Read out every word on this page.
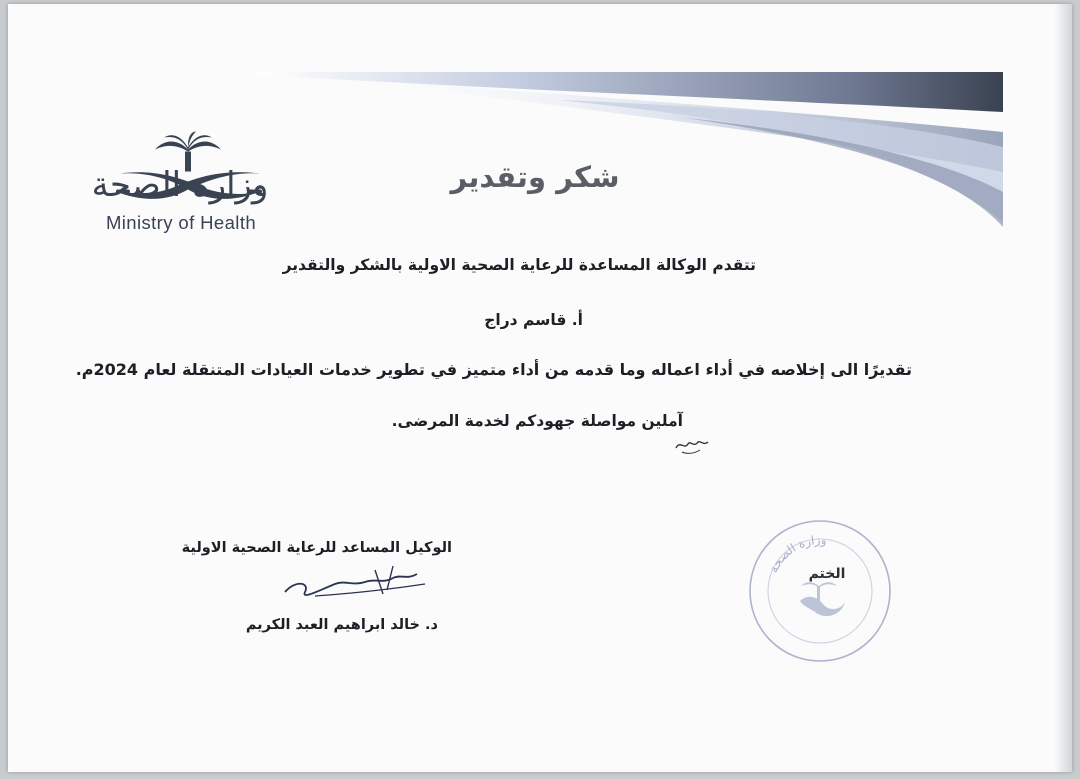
وزارة الصحة
Ministry of Health
شكر وتقدير
تتقدم الوكالة المساعدة للرعاية الصحية الاولية بالشكر والتقدير
أ. قاسم دراج
تقديرًا الى إخلاصه في أداء اعماله وما قدمه من أداء متميز في تطوير خدمات العيادات المتنقلة لعام 2024م.
آملين مواصلة جهودكم لخدمة المرضى.
الوكيل المساعد للرعاية الصحية الاولية
د. خالد ابراهيم العبد الكريم
وزارة الصحة
الختم
